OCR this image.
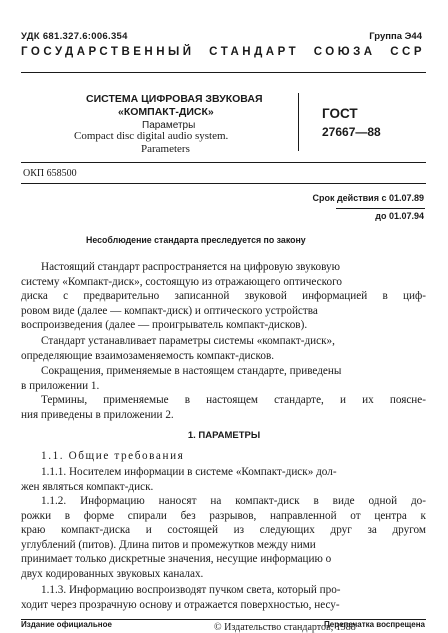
УДК 681.327.6:006.354	Группа Э44
ГОСУДАРСТВЕННЫЙ СТАНДАРТ СОЮЗА ССР
СИСТЕМА ЦИФРОВАЯ ЗВУКОВАЯ
«КОМПАКТ-ДИСК»
Параметры
Compact disc digital audio system.
Parameters
ГОСТ
27667—88
ОКП 658500
Срок действия с 01.07.89
до 01.07.94
Несоблюдение стандарта преследуется по закону
Настоящий стандарт распространяется на цифровую звуковую
систему «Компакт-диск», состоящую из отражающего оптического
диска с предварительно записанной звуковой информацией в циф-
ровом виде (далее — компакт-диск) и оптического устройства
воспроизведения (далее — проигрыватель компакт-дисков).
Стандарт устанавливает параметры системы «компакт-диск»,
определяющие взаимозаменяемость компакт-дисков.
Сокращения, применяемые в настоящем стандарте, приведены
в приложении 1.
Термины, применяемые в настоящем стандарте, и их поясне-
ния приведены в приложении 2.
1. ПАРАМЕТРЫ
1.1. Общие требования
1.1.1. Носителем информации в системе «Компакт-диск» дол-
жен являться компакт-диск.
1.1.2. Информацию наносят на компакт-диск в виде одной до-
рожки в форме спирали без разрывов, направленной от центра к
краю компакт-диска и состоящей из следующих друг за другом
углублений (питов). Длина питов и промежутков между ними
принимает только дискретные значения, несущие информацию о
двух кодированных звуковых каналах.
1.1.3. Информацию воспроизводят пучком света, который про-
ходит через прозрачную основу и отражается поверхностью, несу-
Издание официальное	Перепечатка воспрещена
© Издательство стандартов, 1988
